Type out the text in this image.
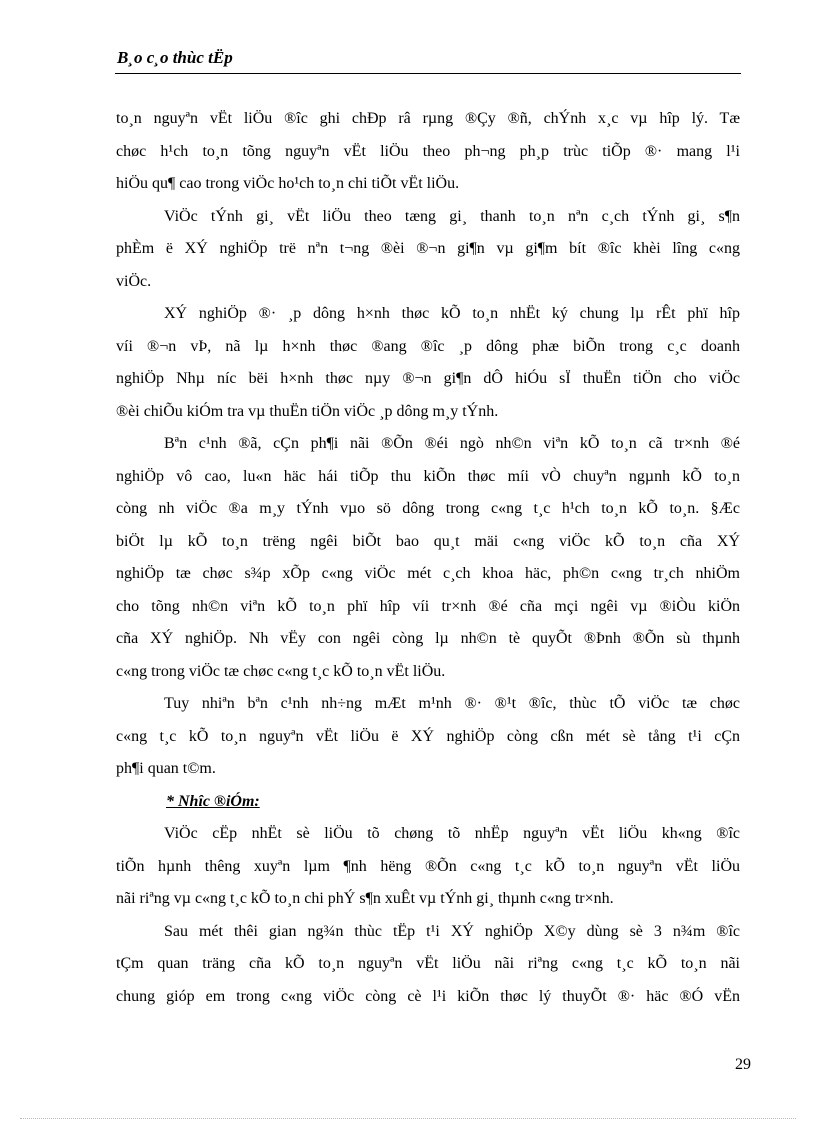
B¸o c¸o thùc tËp
to¸n nguyªn vËt liÖu ®îc ghi chÐp râ rµng ®Çy ®ñ, chÝnh x¸c vµ hîp lý. Tæ
chøc h¹ch to¸n tõng nguyªn vËt liÖu theo ph¬ng ph¸p trùc tiÕp ®· mang l¹i
hiÖu qu¶ cao trong viÖc ho¹ch to¸n chi tiÕt vËt liÖu.
ViÖc tÝnh gi¸ vËt liÖu theo tæng gi¸ thanh to¸n nªn c¸ch tÝnh gi¸ s¶n
phÈm ë XÝ nghiÖp trë nªn t¬ng ®èi ®¬n gi¶n vµ gi¶m bít ®îc khèi lîng c«ng
viÖc.
XÝ nghiÖp ®· ¸p dông h×nh thøc kÕ to¸n nhËt ký chung lµ rÊt phï hîp
víi ®¬n vÞ, nã lµ h×nh thøc ®ang ®îc ¸p dông phæ biÕn trong c¸c doanh
nghiÖp Nhµ níc bëi h×nh thøc nµy ®¬n gi¶n dÔ hiÓu sÏ thuËn tiÖn cho viÖc
®èi chiÕu kiÓm tra vµ thuËn tiÖn viÖc ¸p dông m¸y tÝnh.
Bªn c¹nh ®ã, cÇn ph¶i nãi ®Õn ®éi ngò nh©n viªn kÕ to¸n cã tr×nh ®é
nghiÖp vô cao, lu«n häc hái tiÕp thu kiÕn thøc míi vÒ chuyªn ngµnh kÕ to¸n
còng nh viÖc ®a m¸y tÝnh vµo sö dông trong c«ng t¸c h¹ch to¸n kÕ to¸n. §Æc
biÖt lµ kÕ to¸n trëng ngêi biÕt bao qu¸t mäi c«ng viÖc kÕ to¸n cña XÝ
nghiÖp tæ chøc s¾p xÕp c«ng viÖc mét c¸ch khoa häc, ph©n c«ng tr¸ch nhiÖm
cho tõng nh©n viªn kÕ to¸n phï hîp víi tr×nh ®é cña mçi ngêi vµ ®iÒu kiÖn
cña XÝ nghiÖp. Nh vËy con ngêi còng lµ nh©n tè quyÕt ®Þnh ®Õn sù thµnh
c«ng trong viÖc tæ chøc c«ng t¸c kÕ to¸n vËt liÖu.
Tuy nhiªn bªn c¹nh nh÷ng mÆt m¹nh ®· ®¹t ®îc, thùc tÕ viÖc tæ chøc
c«ng t¸c kÕ to¸n nguyªn vËt liÖu ë XÝ nghiÖp còng cßn mét sè tång t¹i cÇn
ph¶i quan t©m.
* Nhîc ®iÓm:
ViÖc cËp nhËt sè liÖu tõ chøng tõ nhËp nguyªn vËt liÖu kh«ng ®îc
tiÕn hµnh thêng xuyªn lµm ¶nh hëng ®Õn c«ng t¸c kÕ to¸n nguyªn vËt liÖu
nãi riªng vµ c«ng t¸c kÕ to¸n chi phÝ s¶n xuÊt vµ tÝnh gi¸ thµnh c«ng tr×nh.
Sau mét thêi gian ng¾n thùc tËp t¹i XÝ nghiÖp X©y dùng sè 3 n¾m ®îc
tÇm quan träng cña kÕ to¸n nguyªn vËt liÖu nãi riªng c«ng t¸c kÕ to¸n nãi
chung gióp em trong c«ng viÖc còng cè l¹i kiÕn thøc lý thuyÕt ®· häc ®Ó vËn
29
